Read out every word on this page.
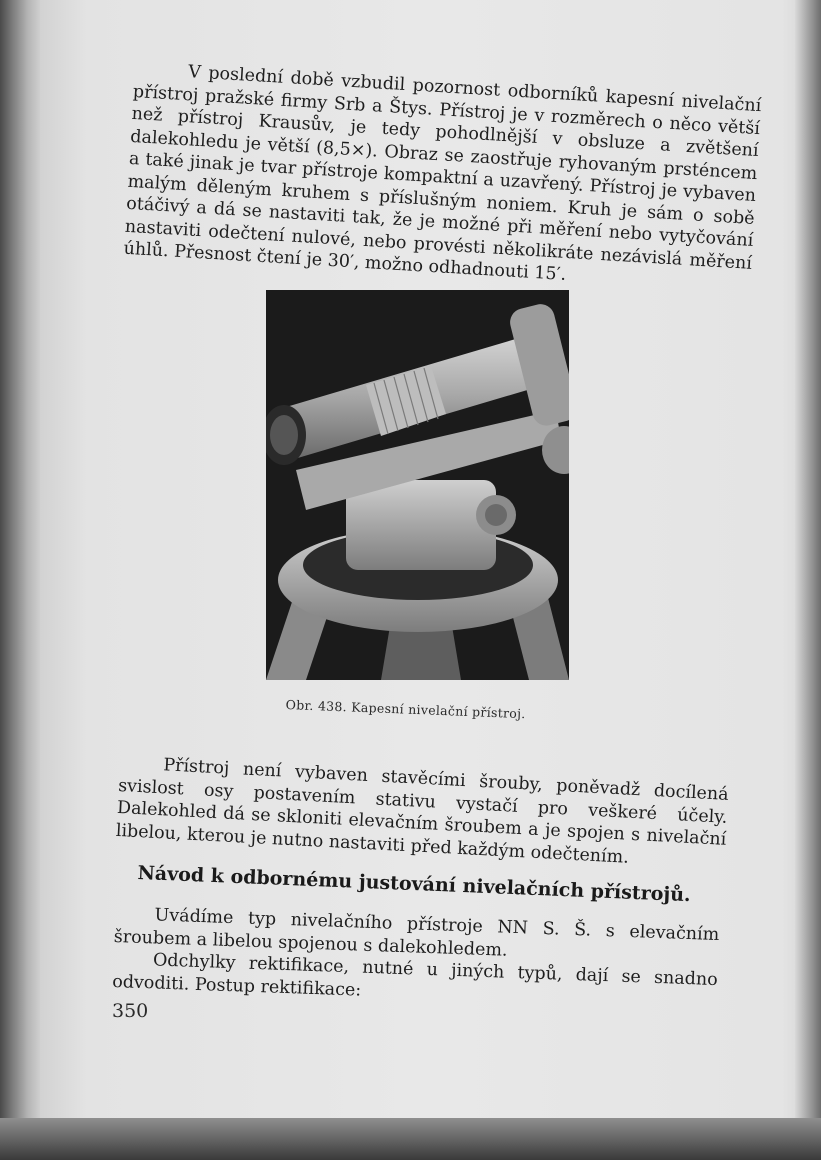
V poslední době vzbudil pozornost odborníků kapesní nivelační přístroj pražské firmy Srb a Štys. Přístroj je v rozměrech o něco větší než přístroj Krausův, je tedy pohodlnější v obsluze a zvětšení dalekohledu je větší (8,5×). Obraz se zaostřuje ryhovaným prsténcem a také jinak je tvar přístroje kompaktní a uzavřený. Přístroj je vybaven malým děleným kruhem s příslušným noniem. Kruh je sám o sobě otáčivý a dá se nastaviti tak, že je možné při měření nebo vytyčování nastaviti odečtení nulové, nebo provésti několikráte nezávislá měření úhlů. Přesnost čtení je 30′, možno odhadnouti 15′.

Obr. 438. Kapesní nivelační přístroj.

Přístroj není vybaven stavěcími šrouby, poněvadž docílená svislost osy postavením stativu vystačí pro veškeré účely. Dalekohled dá se skloniti elevačním šroubem a je spojen s nivelační libelou, kterou je nutno nastaviti před každým odečtením.

Návod k odbornému justování nivelačních přístrojů.

Uvádíme typ nivelačního přístroje NN S. Š. s elevačním šroubem a libelou spojenou s dalekohledem.

Odchylky rektifikace, nutné u jiných typů, dají se snadno odvoditi. Postup rektifikace:

350
